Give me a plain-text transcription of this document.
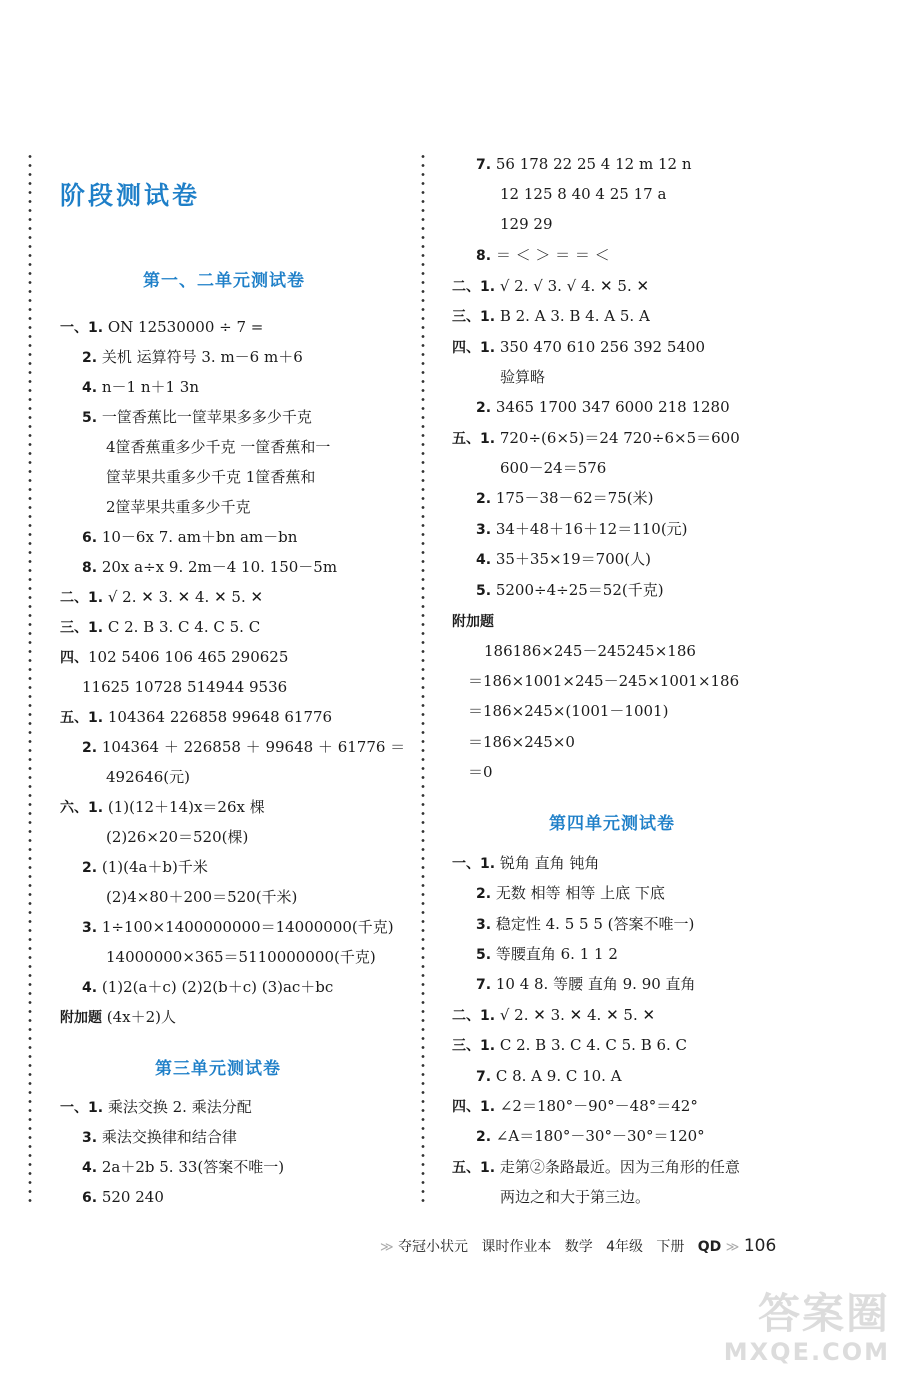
阶段测试卷
第一、二单元测试卷
第三单元测试卷
第四单元测试卷

一、1. ON 12530000 ÷ 7 =

2. 关机 运算符号 3. m－6 m＋6

4. n－1 n＋1 3n

5. 一筐香蕉比一筐苹果多多少千克

4筐香蕉重多少千克 一筐香蕉和一

筐苹果共重多少千克 1筐香蕉和

2筐苹果共重多少千克

6. 10－6x 7. am＋bn am－bn

8. 20x a÷x 9. 2m－4 10. 150－5m

二、1. √ 2. ✕ 3. ✕ 4. ✕ 5. ✕

三、1. C 2. B 3. C 4. C 5. C

四、102 5406 106 465 290625

11625 10728 514944 9536

五、1. 104364 226858 99648 61776

2. 104364 ＋ 226858 ＋ 99648 ＋ 61776 ＝

492646(元)

六、1. (1)(12＋14)x＝26x 棵

(2)26×20＝520(棵)

2. (1)(4a＋b)千米

(2)4×80＋200＝520(千米)

3. 1÷100×1400000000＝14000000(千克)

14000000×365＝5110000000(千克)

4. (1)2(a＋c) (2)2(b＋c) (3)ac＋bc

附加题 (4x＋2)人

一、1. 乘法交换 2. 乘法分配

3. 乘法交换律和结合律

4. 2a＋2b 5. 33(答案不唯一)

6. 520 240

7. 56 178 22 25 4 12 m 12 n

12 125 8 40 4 25 17 a

129 29

8. ＝ ＜ ＞ ＝ ＝ ＜

二、1. √ 2. √ 3. √ 4. ✕ 5. ✕

三、1. B 2. A 3. B 4. A 5. A

四、1. 350 470 610 256 392 5400

验算略

2. 3465 1700 347 6000 218 1280

五、1. 720÷(6×5)＝24 720÷6×5＝600

600－24＝576

2. 175－38－62＝75(米)

3. 34＋48＋16＋12＝110(元)

4. 35＋35×19＝700(人)

5. 5200÷4÷25＝52(千克)

附加题

186186×245－245245×186

＝186×1001×245－245×1001×186

＝186×245×(1001－1001)

＝186×245×0

＝0

一、1. 锐角 直角 钝角

2. 无数 相等 相等 上底 下底

3. 稳定性 4. 5 5 5 (答案不唯一)

5. 等腰直角 6. 1 1 2

7. 10 4 8. 等腰 直角 9. 90 直角

二、1. √ 2. ✕ 3. ✕ 4. ✕ 5. ✕

三、1. C 2. B 3. C 4. C 5. B 6. C

7. C 8. A 9. C 10. A

四、1. ∠2＝180°－90°－48°＝42°

2. ∠A＝180°－30°－30°＝120°

五、1. 走第②条路最近。因为三角形的任意

两边之和大于第三边。

≫ 夺冠小状元 课时作业本 数学 4年级 下册 QD ≫ 106
答案圈
MXQE.COM
